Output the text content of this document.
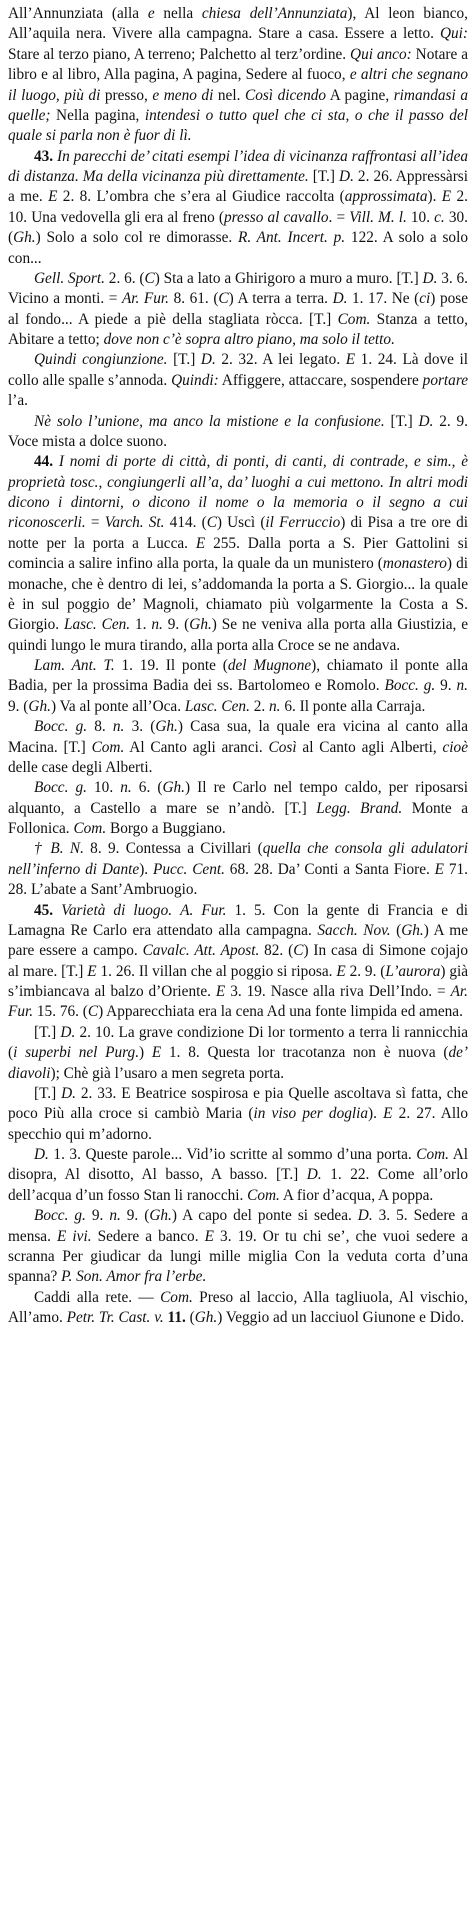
All’Annunziata (alla e nella chiesa dell’Annunziata), Al leon bianco, All’aquila nera. Vivere alla campagna. Stare a casa. Essere a letto. Qui: Stare al terzo piano, A terreno; Palchetto al terz’ordine. Qui anco: Notare a libro e al libro, Alla pagina, A pagina, Sedere al fuoco, e altri che segnano il luogo, più di presso, e meno di nel. Così dicendo A pagine, rimandasi a quelle; Nella pagina, intendesi o tutto quel che ci sta, o che il passo del quale si parla non è fuor di lì.

43. In parecchi de’ citati esempi l’idea di vicinanza raffrontasi all’idea di distanza. Ma della vicinanza più direttamente. [T.] D. 2. 26. Appressàrsi a me. E 2. 8. L’ombra che s’era al Giudice raccolta (approssimata). E 2. 10. Una vedovella gli era al freno (presso al cavallo. = Vill. M. l. 10. c. 30. (Gh.) Solo a solo col re dimorasse. R. Ant. Incert. p. 122. A solo a solo con...

Gell. Sport. 2. 6. (C) Sta a lato a Ghirigoro a muro a muro. [T.] D. 3. 6. Vicino a monti. = Ar. Fur. 8. 61. (C) A terra a terra. D. 1. 17. Ne (ci) pose al fondo... A piede a piè della stagliata ròcca. [T.] Com. Stanza a tetto, Abitare a tetto; dove non c’è sopra altro piano, ma solo il tetto.

Quindi congiunzione. [T.] D. 2. 32. A lei legato. E 1. 24. Là dove il collo alle spalle s’annoda. Quindi: Affiggere, attaccare, sospendere portare l’a.

Nè solo l’unione, ma anco la mistione e la confusione. [T.] D. 2. 9. Voce mista a dolce suono.

44. I nomi di porte di città, di ponti, di canti, di contrade, e sim., è proprietà tosc., congiungerli all’a, da’ luoghi a cui mettono. In altri modi dicono i dintorni, o dicono il nome o la memoria o il segno a cui riconoscerli. = Varch. St. 414. (C) Uscì (il Ferruccio) di Pisa a tre ore di notte per la porta a Lucca. E 255. Dalla porta a S. Pier Gattolini si comincia a salire infino alla porta, la quale da un munistero (monastero) di monache, che è dentro di lei, s’addomanda la porta a S. Giorgio... la quale è in sul poggio de’ Magnoli, chiamato più volgarmente la Costa a S. Giorgio. Lasc. Cen. 1. n. 9. (Gh.) Se ne veniva alla porta alla Giustizia, e quindi lungo le mura tirando, alla porta alla Croce se ne andava.

Lam. Ant. T. 1. 19. Il ponte (del Mugnone), chiamato il ponte alla Badia, per la prossima Badia dei ss. Bartolomeo e Romolo. Bocc. g. 9. n. 9. (Gh.) Va al ponte all’Oca. Lasc. Cen. 2. n. 6. Il ponte alla Carraja.

Bocc. g. 8. n. 3. (Gh.) Casa sua, la quale era vicina al canto alla Macina. [T.] Com. Al Canto agli aranci. Così al Canto agli Alberti, cioè delle case degli Alberti.

Bocc. g. 10. n. 6. (Gh.) Il re Carlo nel tempo caldo, per riposarsi alquanto, a Castello a mare se n’andò. [T.] Legg. Brand. Monte a Follonica. Com. Borgo a Buggiano.

† B. N. 8. 9. Contessa a Civillari (quella che consola gli adulatori nell’inferno di Dante). Pucc. Cent. 68. 28. Da’ Conti a Santa Fiore. E 71. 28. L’abate a Sant’Ambruogio.

45. Varietà di luogo. A. Fur. 1. 5. Con la gente di Francia e di Lamagna Re Carlo era attendato alla campagna. Sacch. Nov. (Gh.) A me pare essere a campo. Cavalc. Att. Apost. 82. (C) In casa di Simone cojajo al mare. [T.] E 1. 26. Il villan che al poggio si riposa. E 2. 9. (L’aurora) già s’imbiancava al balzo d’Oriente. E 3. 19. Nasce alla riva Dell’Indo. = Ar. Fur. 15. 76. (C) Apparecchiata era la cena Ad una fonte limpida ed amena.

[T.] D. 2. 10. La grave condizione Di lor tormento a terra li rannicchia (i superbi nel Purg.) E 1. 8. Questa lor tracotanza non è nuova (de’ diavoli); Chè già l’usaro a men segreta porta.

[T.] D. 2. 33. E Beatrice sospirosa e pia Quelle ascoltava sì fatta, che poco Più alla croce si cambiò Maria (in viso per doglia). E 2. 27. Allo specchio qui m’adorno.

D. 1. 3. Queste parole... Vid’io scritte al sommo d’una porta. Com. Al disopra, Al disotto, Al basso, A basso. [T.] D. 1. 22. Come all’orlo dell’acqua d’un fosso Stan li ranocchi. Com. A fior d’acqua, A poppa.

Bocc. g. 9. n. 9. (Gh.) A capo del ponte si sedea. D. 3. 5. Sedere a mensa. E ivi. Sedere a banco. E 3. 19. Or tu chi se’, che vuoi sedere a scranna Per giudicar da lungi mille miglia Con la veduta corta d’una spanna? P. Son. Amor fra l’erbe.

Caddi alla rete. — Com. Preso al laccio, Alla tagliuola, Al vischio, All’amo. Petr. Tr. Cast. v. 11. (Gh.) Veggio ad un lacciuol Giunone e Dido.
